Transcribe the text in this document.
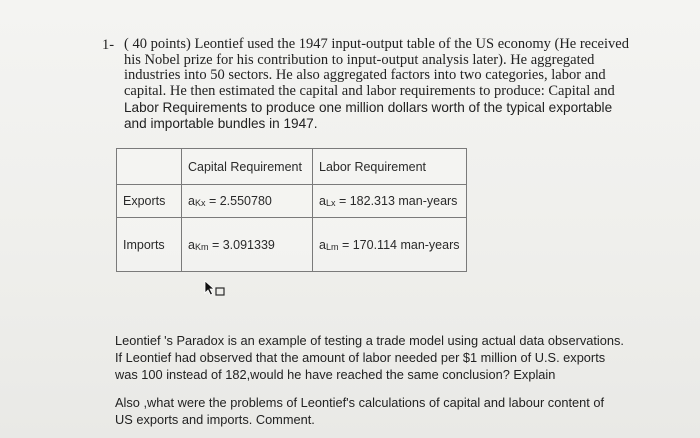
1- ( 40 points) Leontief used the 1947 input-output table of the US economy (He received
his Nobel prize for his contribution to input-output analysis later). He aggregated
industries into 50 sectors. He also aggregated factors into two categories, labor and
capital. He then estimated the capital and labor requirements to produce: Capital and
Labor Requirements to produce one million dollars worth of the typical exportable
and importable bundles in 1947.
	Capital Requirement	Labor Requirement
Exports	aKx = 2.550780	aLx = 182.313 man-years
Imports	aKm = 3.091339	aLm = 170.114 man-years
Leontief 's Paradox is an example of testing a trade model using actual data observations.
If Leontief had observed that the amount of labor needed per $1 million of U.S. exports
was 100 instead of 182,would he have reached the same conclusion? Explain
Also ,what were the problems of Leontief's calculations of capital and labour content of
US exports and imports. Comment.
